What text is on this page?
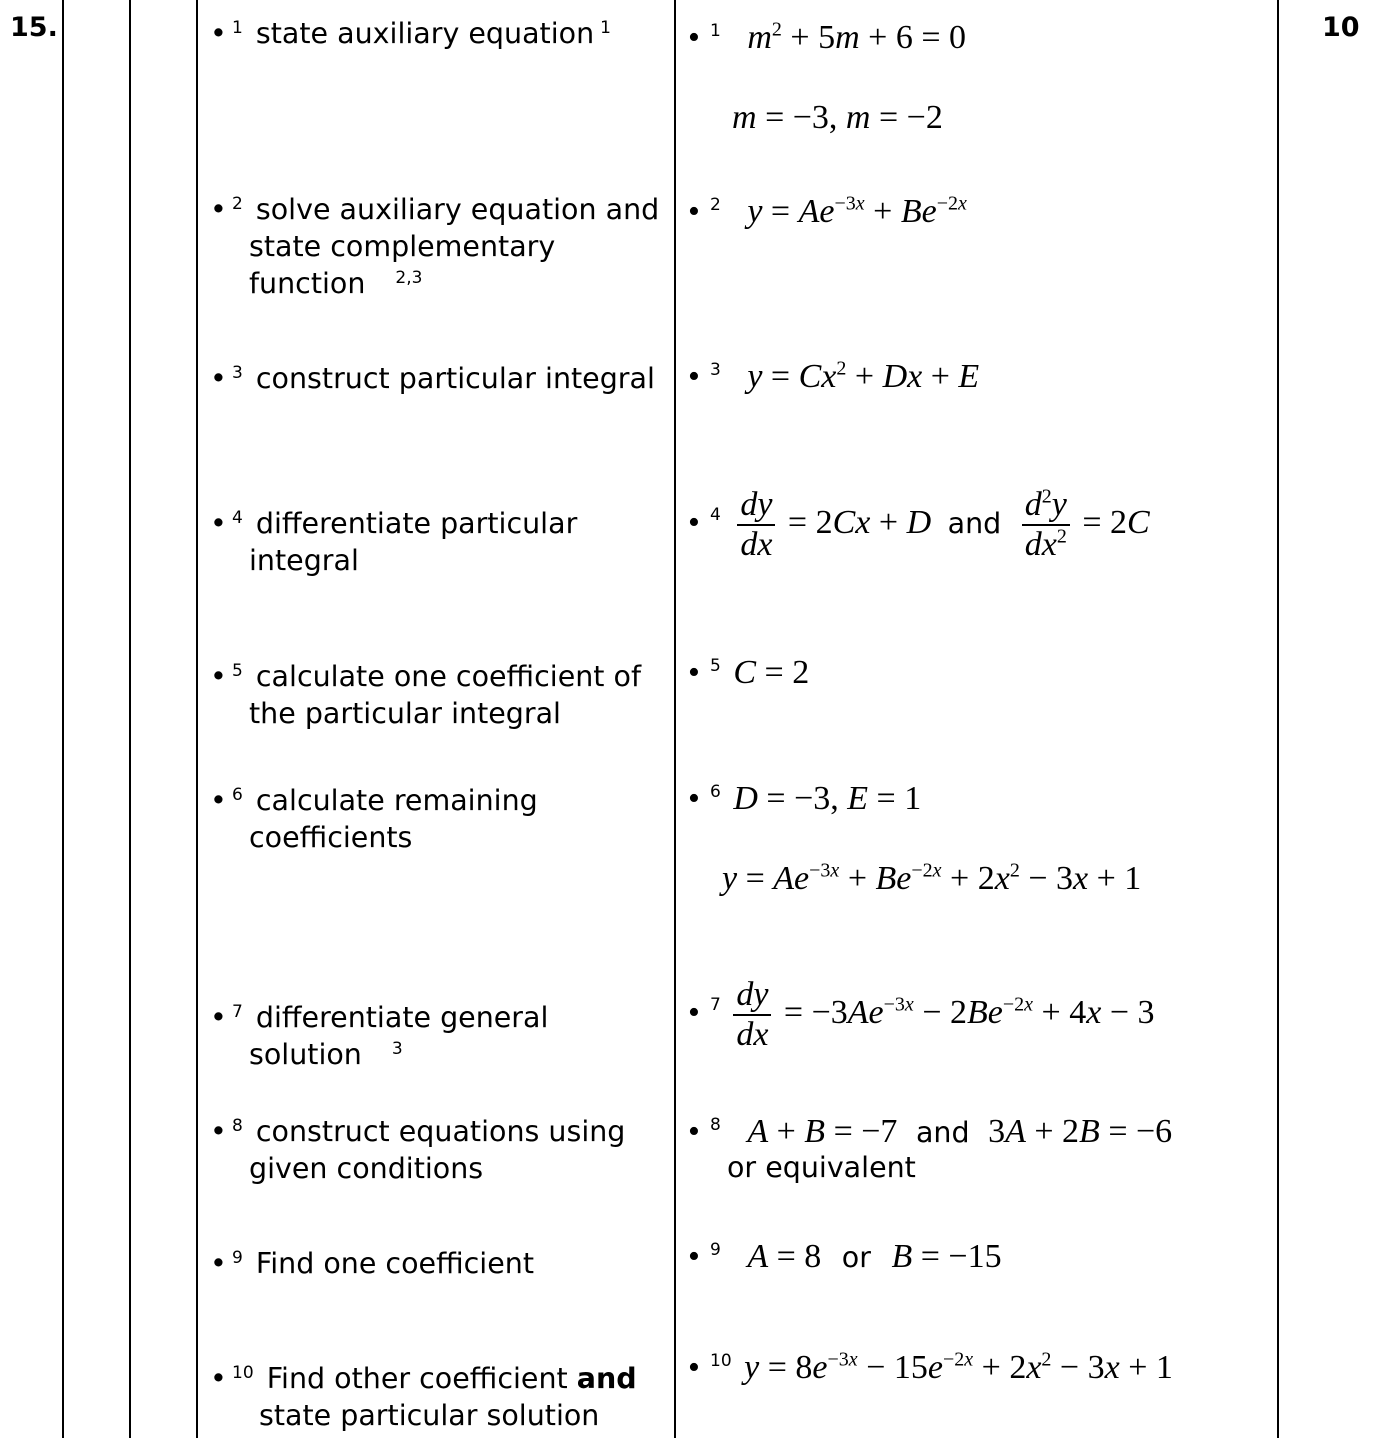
15.	10
• $^1$ state auxiliary equation $^1$
• $^2$ solve auxiliary equation and
state complementary
function $^{2,3}$
• $^3$ construct particular integral
• $^4$ differentiate particular
integral
• $^5$ calculate one coefficient of
the particular integral
• $^6$ calculate remaining
coefficients
• $^7$ differentiate general
solution $^3$
• $^8$ construct equations using
given conditions
• $^9$ Find one coefficient
• $^{10}$ Find other coefficient and
state particular solution
• $^1$ $m^2 + 5m + 6 = 0$
m = −3, m = −2
• $^2$ $y = Ae^{-3x} + Be^{-2x}$
• $^3$ $y = Cx^2 + Dx + E$
• $^4 \frac{dy}{dx} = 2Cx + D$ and $\frac{d^2y}{dx^2} = 2C$
• $^5$ C = 2
• $^6$ D = −3, E = 1
$y = Ae^{-3x} + Be^{-2x} + 2x^2 - 3x + 1$
• $^7 \frac{dy}{dx} = -3Ae^{-3x} - 2Be^{-2x} + 4x - 3$
• $^8$ A + B = −7 and 3A + 2B = −6
or equivalent
• $^9$ A = 8 or B = −15
• $^{10}$ $y = 8e^{-3x} - 15e^{-2x} + 2x^2 - 3x + 1$
